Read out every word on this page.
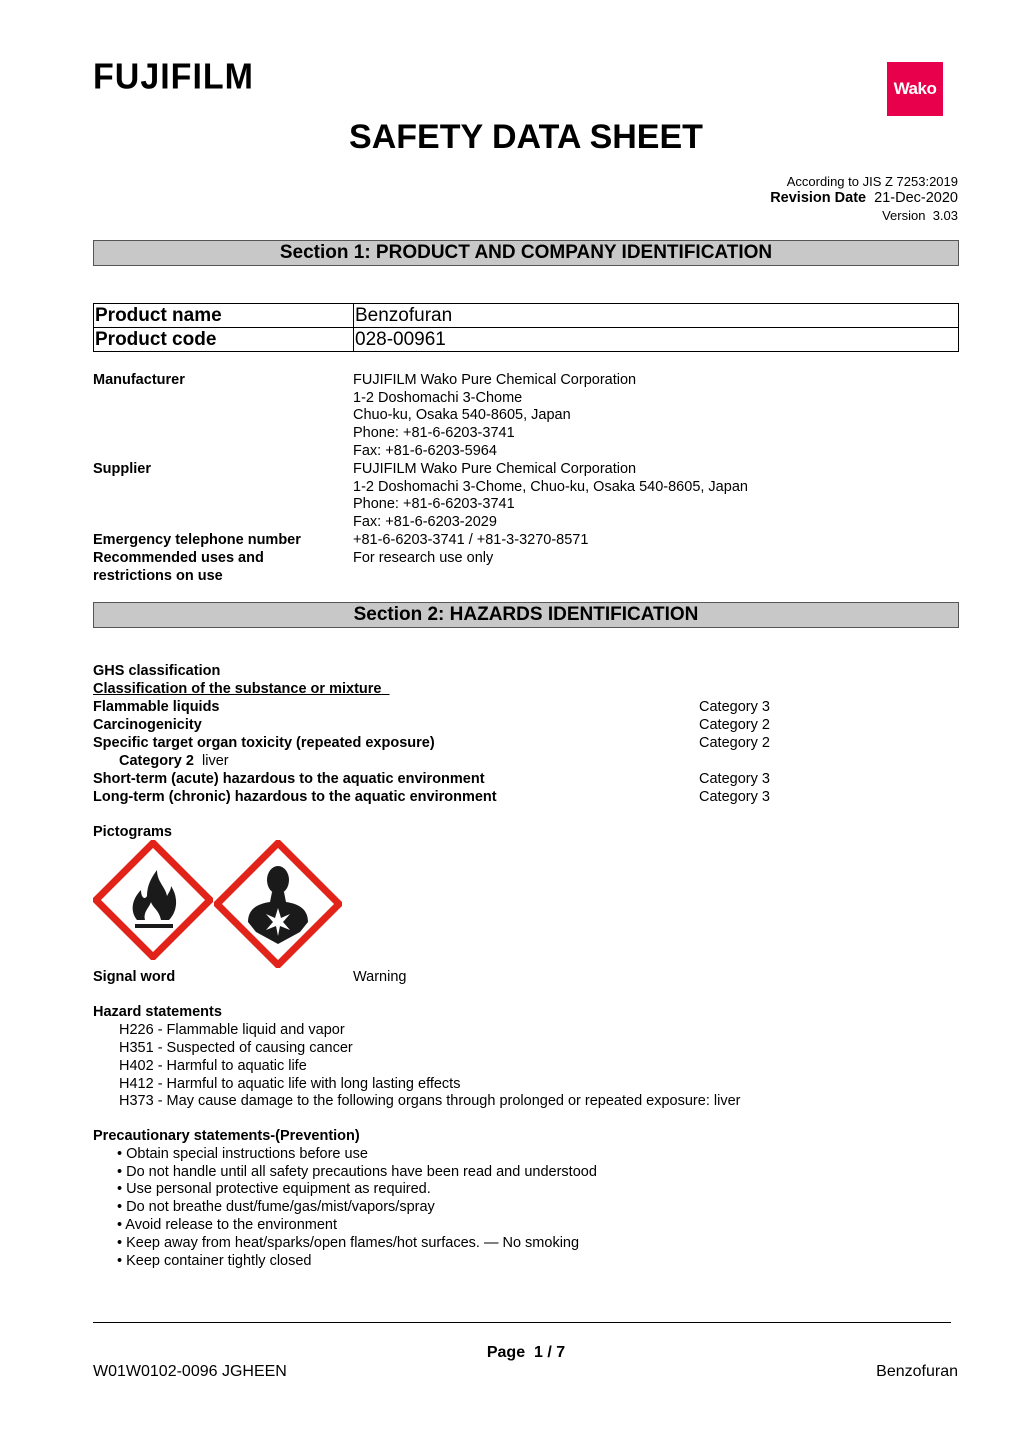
FUJIFILM	Wako
SAFETY DATA SHEET
According to JIS Z 7253:2019
Revision Date 21-Dec-2020
Version 3.03
Section 1: PRODUCT AND COMPANY IDENTIFICATION
Product name	Benzofuran
Product code	028-00961
Manufacturer	FUJIFILM Wako Pure Chemical Corporation
1-2 Doshomachi 3-Chome
Chuo-ku, Osaka 540-8605, Japan
Phone: +81-6-6203-3741
Fax: +81-6-6203-5964
Supplier	FUJIFILM Wako Pure Chemical Corporation
1-2 Doshomachi 3-Chome, Chuo-ku, Osaka 540-8605, Japan
Phone: +81-6-6203-3741
Fax: +81-6-6203-2029
Emergency telephone number	+81-6-6203-3741 / +81-3-3270-8571
Recommended uses and
restrictions on use
For research use only
Section 2: HAZARDS IDENTIFICATION
GHS classification
Classification of the substance or mixture
Flammable liquids	Category 3
Carcinogenicity	Category 2
Specific target organ toxicity (repeated exposure)	Category 2
Category 2 liver
Short-term (acute) hazardous to the aquatic environment	Category 3
Long-term (chronic) hazardous to the aquatic environment	Category 3
Pictograms
Signal word	Warning
Hazard statements
H226 - Flammable liquid and vapor
H351 - Suspected of causing cancer
H402 - Harmful to aquatic life
H412 - Harmful to aquatic life with long lasting effects
H373 - May cause damage to the following organs through prolonged or repeated exposure: liver
Precautionary statements-(Prevention)
• Obtain special instructions before use
• Do not handle until all safety precautions have been read and understood
• Use personal protective equipment as required.
• Do not breathe dust/fume/gas/mist/vapors/spray
• Avoid release to the environment
• Keep away from heat/sparks/open flames/hot surfaces. — No smoking
• Keep container tightly closed
Page 1 / 7
W01W0102-0096 JGHEEN	Benzofuran
